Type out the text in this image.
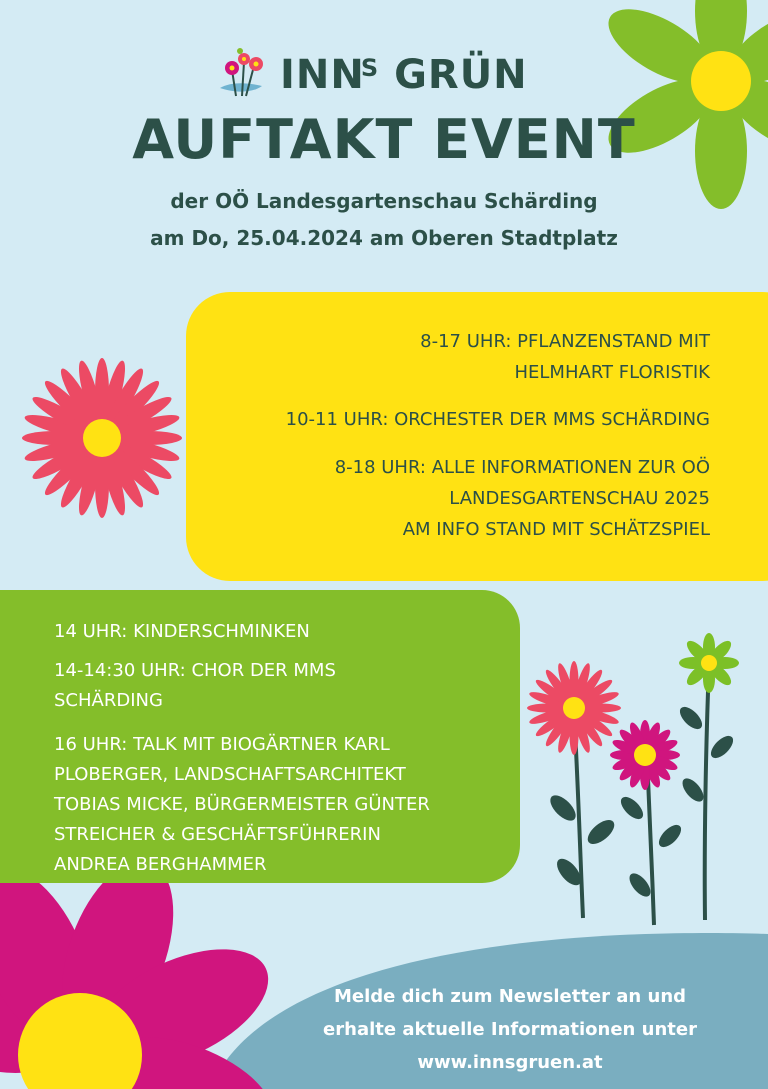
$INN^S$ GRÜN
AUFTAKT EVENT
der OÖ Landesgartenschau Schärding
am Do, 25.04.2024 am Oberen Stadtplatz
8-17 UHR: PFLANZENSTAND MIT
HELMHART FLORISTIK
10-11 UHR: ORCHESTER DER MMS SCHÄRDING
8-18 UHR: ALLE INFORMATIONEN ZUR OÖ
LANDESGARTENSCHAU 2025
AM INFO STAND MIT SCHÄTZSPIEL
14 UHR: KINDERSCHMINKEN
14-14:30 UHR: CHOR DER MMS
SCHÄRDING
16 UHR: TALK MIT BIOGÄRTNER KARL
PLOBERGER, LANDSCHAFTSARCHITEKT
TOBIAS MICKE, BÜRGERMEISTER GÜNTER
STREICHER & GESCHÄFTSFÜHRERIN
ANDREA BERGHAMMER
Melde dich zum Newsletter an und
erhalte aktuelle Informationen unter
www.innsgruen.at
